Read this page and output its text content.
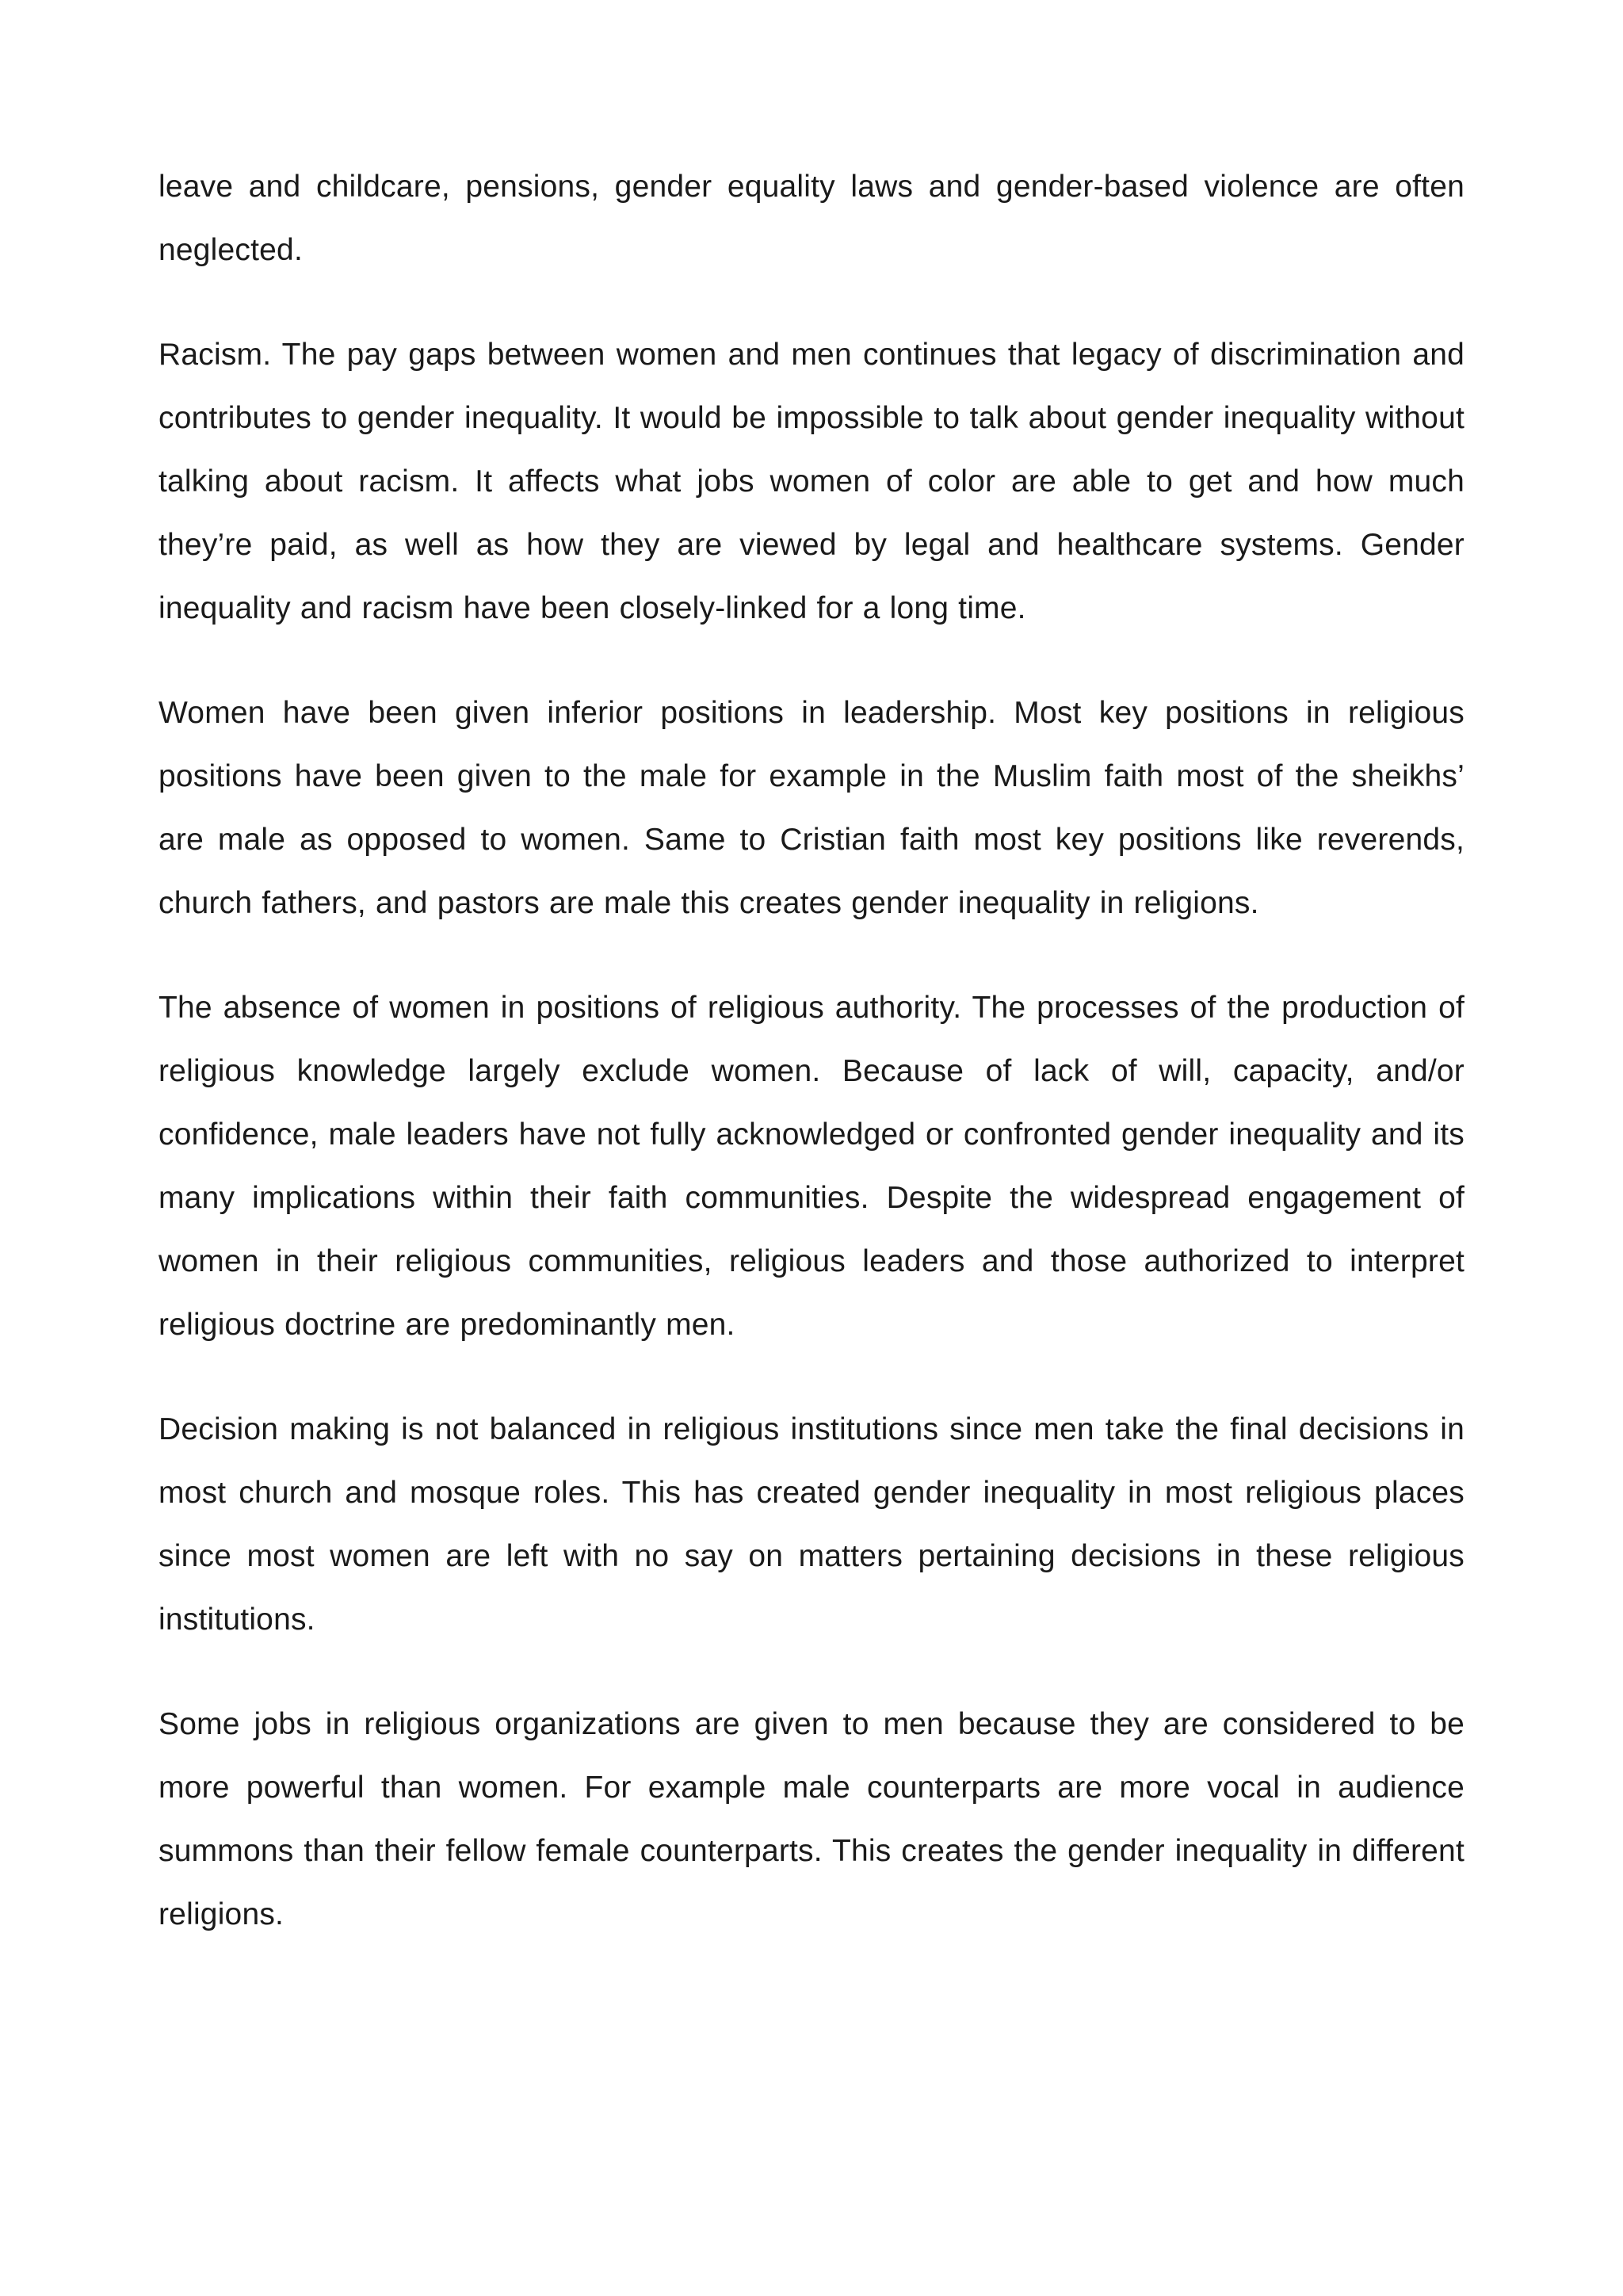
leave and childcare, pensions, gender equality laws and gender-based violence are often neglected.

Racism. The pay gaps between women and men continues that legacy of discrimination and contributes to gender inequality. It would be impossible to talk about gender inequality without talking about racism. It affects what jobs women of color are able to get and how much they’re paid, as well as how they are viewed by legal and healthcare systems. Gender inequality and racism have been closely-linked for a long time.

Women have been given inferior positions in leadership. Most key positions in religious positions have been given to the male for example in the Muslim faith most of the sheikhs’ are male as opposed to women. Same to Cristian faith most key positions like reverends, church fathers, and pastors are male this creates gender inequality in religions.

The absence of women in positions of religious authority. The processes of the production of religious knowledge largely exclude women. Because of lack of will, capacity, and/or confidence, male leaders have not fully acknowledged or confronted gender inequality and its many implications within their faith communities. Despite the widespread engagement of women in their religious communities, religious leaders and those authorized to interpret religious doctrine are predominantly men.

Decision making is not balanced in religious institutions since men take the final decisions in most church and mosque roles. This has created gender inequality in most religious places since most women are left with no say on matters pertaining decisions in these religious institutions.

Some jobs in religious organizations are given to men because they are considered to be more powerful than women. For example male counterparts are more vocal in audience summons than their fellow female counterparts. This creates the gender inequality in different religions.
